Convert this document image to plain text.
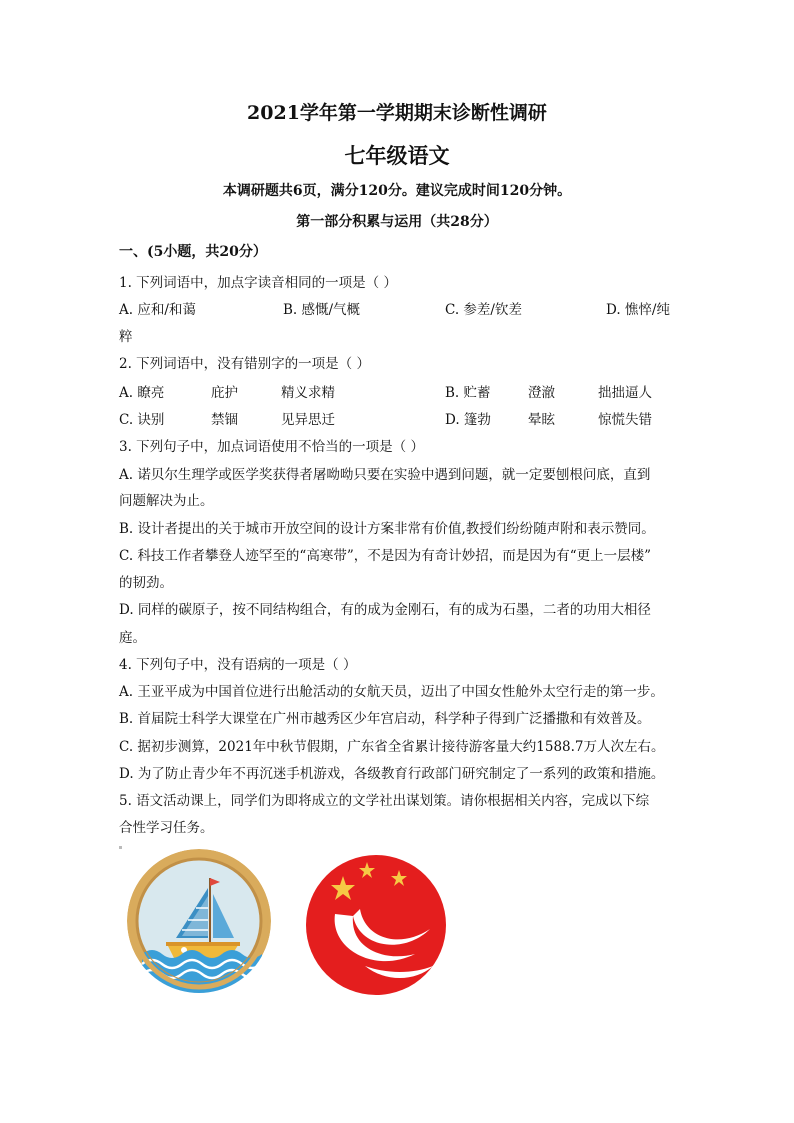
2021学年第一学期期末诊断性调研
七年级语文
本调研题共6页，满分120分。建议完成时间120分钟。
第一部分积累与运用（共28分）
一、(5小题，共20分）
1. 下列词语中，加点字读音相同的一项是（ ）
A. 应和/和蔼	B. 感慨/气概	C. 参差/钦差	D. 憔悴/纯
粹
2. 下列词语中，没有错别字的一项是（ ）
A. 瞭亮	庇护	精义求精	B. 贮蓄	澄澈	拙拙逼人
C. 诀别	禁锢	见异思迁	D. 篷勃	晕眩	惊慌失错
3. 下列句子中，加点词语使用不恰当的一项是（ ）
A. 诺贝尔生理学或医学奖获得者屠呦呦只要在实验中遇到问题，就一定要刨根问底，直到
问题解决为止。
B. 设计者提出的关于城市开放空间的设计方案非常有价值,教授们纷纷随声附和表示赞同。
C. 科技工作者攀登人迹罕至的“高寒带”，不是因为有奇计妙招，而是因为有“更上一层楼”
的韧劲。
D. 同样的碳原子，按不同结构组合，有的成为金刚石，有的成为石墨，二者的功用大相径
庭。
4. 下列句子中，没有语病的一项是（ ）
A. 王亚平成为中国首位进行出舱活动的女航天员，迈出了中国女性舱外太空行走的第一步。
B. 首届院士科学大课堂在广州市越秀区少年宫启动，科学种子得到广泛播撒和有效普及。
C. 据初步测算，2021年中秋节假期，广东省全省累计接待游客量大约1588.7万人次左右。
D. 为了防止青少年不再沉迷手机游戏，各级教育行政部门研究制定了一系列的政策和措施。
5. 语文活动课上，同学们为即将成立的文学社出谋划策。请你根据相关内容，完成以下综
合性学习任务。
